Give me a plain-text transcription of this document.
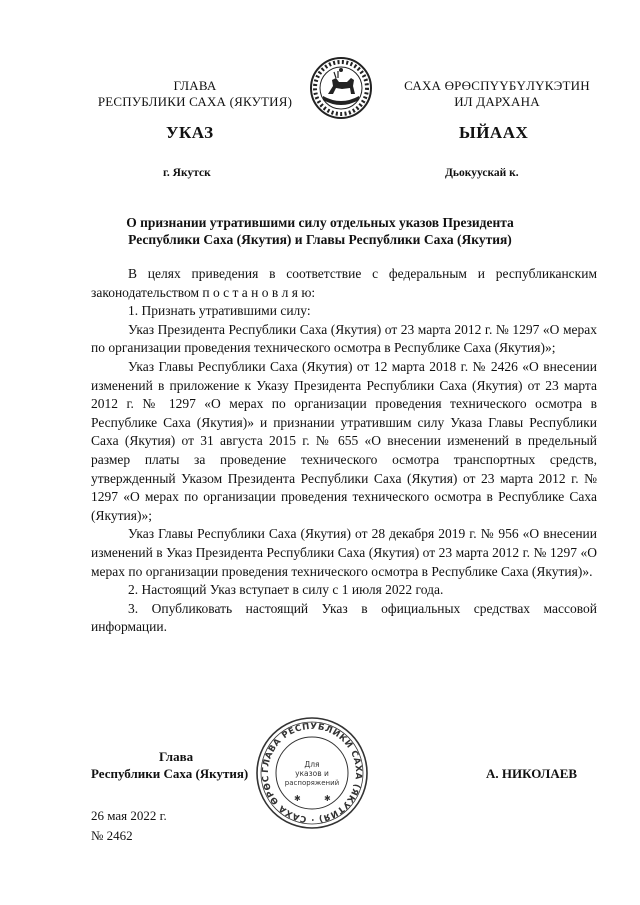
ГЛАВА
РЕСПУБЛИКИ САХА (ЯКУТИЯ)
САХА ӨРӨСПҮҮБҮЛҮКЭТИН
ИЛ ДАРХАНА
УКАЗ	ЫЙААХ
г. Якутск	Дьокуускай к.
О признании утратившими силу отдельных указов Президента
Республики Саха (Якутия) и Главы Республики Саха (Якутия)

В целях приведения в соответствие с федеральным и республиканским законодательством п о с т а н о в л я ю:

1. Признать утратившими силу:

Указ Президента Республики Саха (Якутия) от 23 марта 2012 г. № 1297 «О мерах по организации проведения технического осмотра в Республике Саха (Якутия)»;

Указ Главы Республики Саха (Якутия) от 12 марта 2018 г. № 2426 «О внесении изменений в приложение к Указу Президента Республики Саха (Якутия) от 23 марта 2012 г. № 1297 «О мерах по организации проведения технического осмотра в Республике Саха (Якутия)» и признании утратившим силу Указа Главы Республики Саха (Якутия) от 31 августа 2015 г. № 655 «О внесении изменений в предельный размер платы за проведение технического осмотра транспортных средств, утвержденный Указом Президента Республики Саха (Якутия) от 23 марта 2012 г. № 1297 «О мерах по организации проведения технического осмотра в Республике Саха (Якутия)»;

Указ Главы Республики Саха (Якутия) от 28 декабря 2019 г. № 956 «О внесении изменений в Указ Президента Республики Саха (Якутия) от 23 марта 2012 г. № 1297 «О мерах по организации проведения технического осмотра в Республике Саха (Якутия)».

2. Настоящий Указ вступает в силу с 1 июля 2022 года.

3. Опубликовать настоящий Указ в официальных средствах массовой информации.

Глава
Республики Саха (Якутия)	ГЛАВА РЕСПУБЛИКИ САХА (ЯКУТИЯ) · САХА ӨРӨС
Для
указов и
распоряжений
✱	✱
А. НИКОЛАЕВ
26 мая 2022 г.
№ 2462
